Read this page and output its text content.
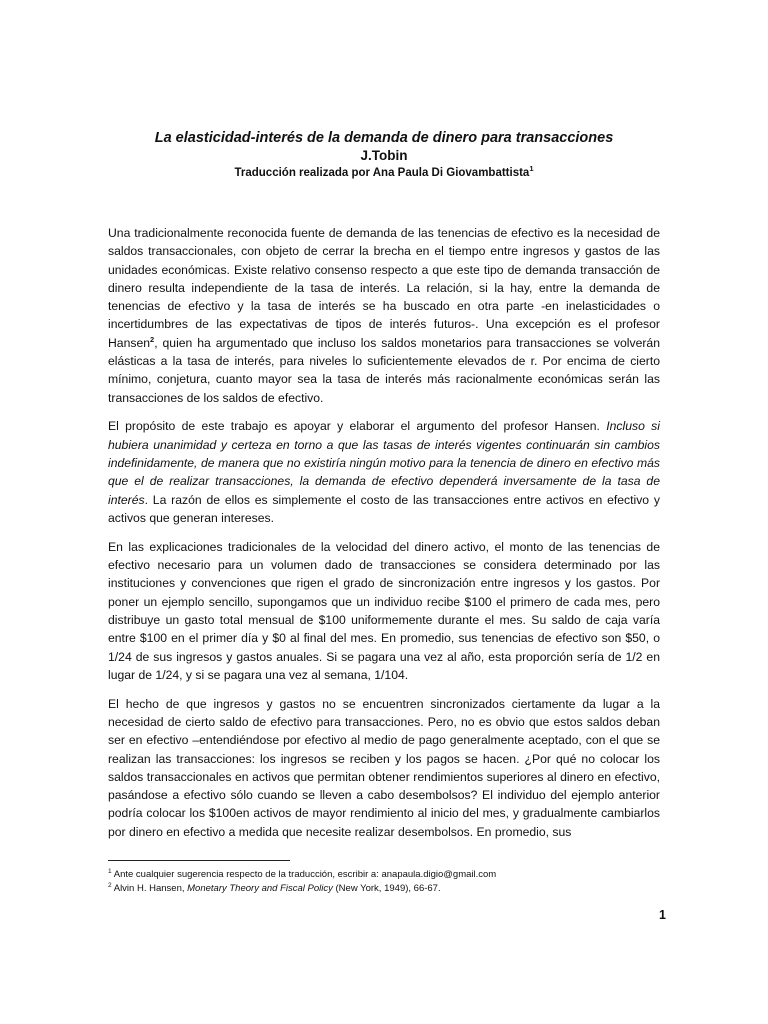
La elasticidad-interés de la demanda de dinero para transacciones
J.Tobin
Traducción realizada por Ana Paula Di Giovambattista$^1$

Una tradicionalmente reconocida fuente de demanda de las tenencias de efectivo es la necesidad de saldos transaccionales, con objeto de cerrar la brecha en el tiempo entre ingresos y gastos de las unidades económicas. Existe relativo consenso respecto a que este tipo de demanda transacción de dinero resulta independiente de la tasa de interés. La relación, si la hay, entre la demanda de tenencias de efectivo y la tasa de interés se ha buscado en otra parte -en inelasticidades o incertidumbres de las expectativas de tipos de interés futuros-. Una excepción es el profesor Hansen$^2$, quien ha argumentado que incluso los saldos monetarios para transacciones se volverán elásticas a la tasa de interés, para niveles lo suficientemente elevados de r. Por encima de cierto mínimo, conjetura, cuanto mayor sea la tasa de interés más racionalmente económicas serán las transacciones de los saldos de efectivo.

El propósito de este trabajo es apoyar y elaborar el argumento del profesor Hansen. Incluso si hubiera unanimidad y certeza en torno a que las tasas de interés vigentes continuarán sin cambios indefinidamente, de manera que no existiría ningún motivo para la tenencia de dinero en efectivo más que el de realizar transacciones, la demanda de efectivo dependerá inversamente de la tasa de interés. La razón de ellos es simplemente el costo de las transacciones entre activos en efectivo y activos que generan intereses.

En las explicaciones tradicionales de la velocidad del dinero activo, el monto de las tenencias de efectivo necesario para un volumen dado de transacciones se considera determinado por las instituciones y convenciones que rigen el grado de sincronización entre ingresos y los gastos. Por poner un ejemplo sencillo, supongamos que un individuo recibe $100 el primero de cada mes, pero distribuye un gasto total mensual de $100 uniformemente durante el mes. Su saldo de caja varía entre $100 en el primer día y $0 al final del mes. En promedio, sus tenencias de efectivo son $50, o 1/24 de sus ingresos y gastos anuales. Si se pagara una vez al año, esta proporción sería de 1/2 en lugar de 1/24, y si se pagara una vez al semana, 1/104.

El hecho de que ingresos y gastos no se encuentren sincronizados ciertamente da lugar a la necesidad de cierto saldo de efectivo para transacciones. Pero, no es obvio que estos saldos deban ser en efectivo –entendiéndose por efectivo al medio de pago generalmente aceptado, con el que se realizan las transacciones: los ingresos se reciben y los pagos se hacen. ¿Por qué no colocar los saldos transaccionales en activos que permitan obtener rendimientos superiores al dinero en efectivo, pasándose a efectivo sólo cuando se lleven a cabo desembolsos? El individuo del ejemplo anterior podría colocar los $100en activos de mayor rendimiento al inicio del mes, y gradualmente cambiarlos por dinero en efectivo a medida que necesite realizar desembolsos. En promedio, sus

$^1$ Ante cualquier sugerencia respecto de la traducción, escribir a: anapaula.digio@gmail.com
$^2$ Alvin H. Hansen, Monetary Theory and Fiscal Policy (New York, 1949), 66-67.
1
